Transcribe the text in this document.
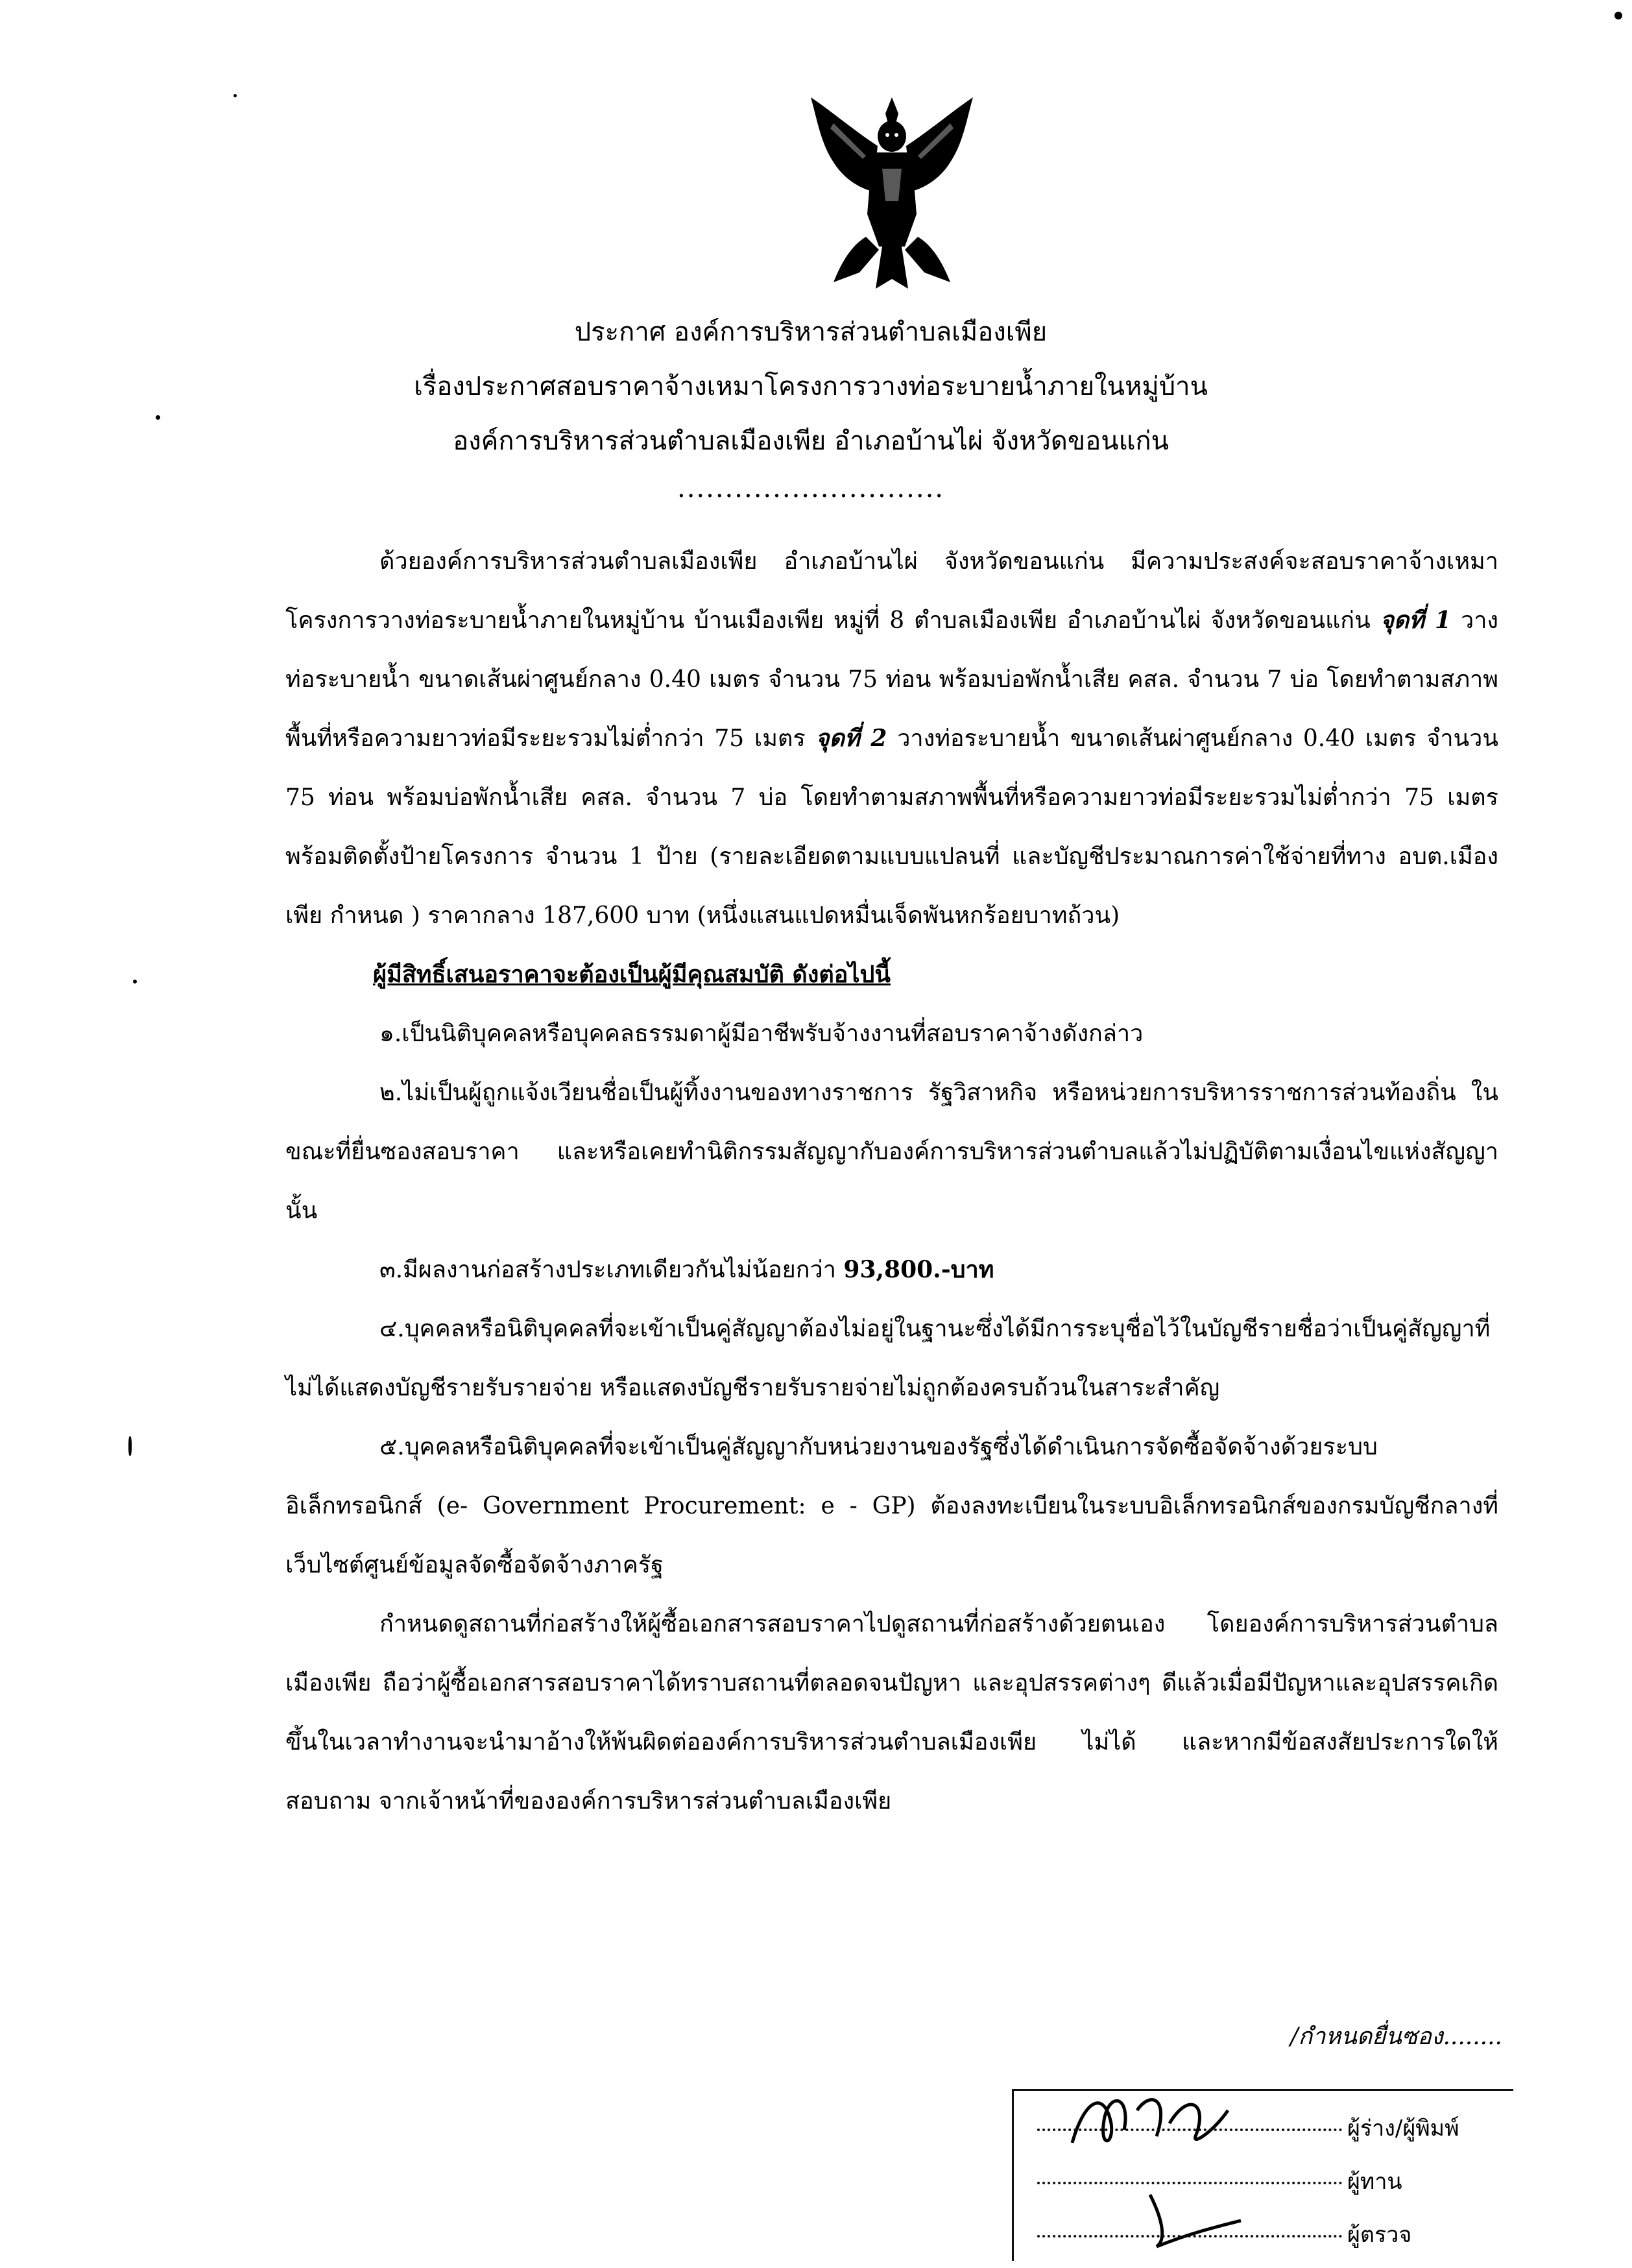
ประกาศ องค์การบริหารส่วนตำบลเมืองเพีย
เรื่องประกาศสอบราคาจ้างเหมาโครงการวางท่อระบายน้ำภายในหมู่บ้าน
องค์การบริหารส่วนตำบลเมืองเพีย อำเภอบ้านไผ่ จังหวัดขอนแก่น
............................

ด้วยองค์การบริหารส่วนตำบลเมืองเพีย อำเภอบ้านไผ่ จังหวัดขอนแก่น มีความประสงค์จะสอบราคาจ้างเหมาโครงการวางท่อระบายน้ำภายในหมู่บ้าน บ้านเมืองเพีย หมู่ที่ 8 ตำบลเมืองเพีย อำเภอบ้านไผ่ จังหวัดขอนแก่น จุดที่ 1 วางท่อระบายน้ำ ขนาดเส้นผ่าศูนย์กลาง 0.40 เมตร จำนวน 75 ท่อน พร้อมบ่อพักน้ำเสีย คสล. จำนวน 7 บ่อ โดยทำตามสภาพพื้นที่หรือความยาวท่อมีระยะรวมไม่ต่ำกว่า 75 เมตร จุดที่ 2 วางท่อระบายน้ำ ขนาดเส้นผ่าศูนย์กลาง 0.40 เมตร จำนวน 75 ท่อน พร้อมบ่อพักน้ำเสีย คสล. จำนวน 7 บ่อ โดยทำตามสภาพพื้นที่หรือความยาวท่อมีระยะรวมไม่ต่ำกว่า 75 เมตร พร้อมติดตั้งป้ายโครงการ จำนวน 1 ป้าย (รายละเอียดตามแบบแปลนที่ และบัญชีประมาณการค่าใช้จ่ายที่ทาง อบต.เมืองเพีย กำหนด ) ราคากลาง 187,600 บาท (หนึ่งแสนแปดหมื่นเจ็ดพันหกร้อยบาทถ้วน)

ผู้มีสิทธิ์เสนอราคาจะต้องเป็นผู้มีคุณสมบัติ ดังต่อไปนี้

๑.เป็นนิติบุคคลหรือบุคคลธรรมดาผู้มีอาชีพรับจ้างงานที่สอบราคาจ้างดังกล่าว

๒.ไม่เป็นผู้ถูกแจ้งเวียนชื่อเป็นผู้ทิ้งงานของทางราชการ รัฐวิสาหกิจ หรือหน่วยการบริหารราชการส่วนท้องถิ่น ในขณะที่ยื่นซองสอบราคา และหรือเคยทำนิติกรรมสัญญากับองค์การบริหารส่วนตำบลแล้วไม่ปฏิบัติตามเงื่อนไขแห่งสัญญานั้น

๓.มีผลงานก่อสร้างประเภทเดียวกันไม่น้อยกว่า 93,800.-บาท

๔.บุคคลหรือนิติบุคคลที่จะเข้าเป็นคู่สัญญาต้องไม่อยู่ในฐานะซึ่งได้มีการระบุชื่อไว้ในบัญชีรายชื่อว่าเป็นคู่สัญญาที่ไม่ได้แสดงบัญชีรายรับรายจ่าย หรือแสดงบัญชีรายรับรายจ่ายไม่ถูกต้องครบถ้วนในสาระสำคัญ

๕.บุคคลหรือนิติบุคคลที่จะเข้าเป็นคู่สัญญากับหน่วยงานของรัฐซึ่งได้ดำเนินการจัดซื้อจัดจ้างด้วยระบบอิเล็กทรอนิกส์ (e- Government Procurement: e - GP) ต้องลงทะเบียนในระบบอิเล็กทรอนิกส์ของกรมบัญชีกลางที่เว็บไซต์ศูนย์ข้อมูลจัดซื้อจัดจ้างภาครัฐ

กำหนดดูสถานที่ก่อสร้างให้ผู้ซื้อเอกสารสอบราคาไปดูสถานที่ก่อสร้างด้วยตนเอง โดยองค์การบริหารส่วนตำบลเมืองเพีย ถือว่าผู้ซื้อเอกสารสอบราคาได้ทราบสถานที่ตลอดจนปัญหา และอุปสรรคต่างๆ ดีแล้วเมื่อมีปัญหาและอุปสรรคเกิดขึ้นในเวลาทำงานจะนำมาอ้างให้พ้นผิดต่อองค์การบริหารส่วนตำบลเมืองเพีย ไม่ได้ และหากมีข้อสงสัยประการใดให้สอบถาม จากเจ้าหน้าที่ขององค์การบริหารส่วนตำบลเมืองเพีย

/กำหนดยื่นซอง........
ผู้ร่าง/ผู้พิมพ์
ผู้ทาน
ผู้ตรวจ
